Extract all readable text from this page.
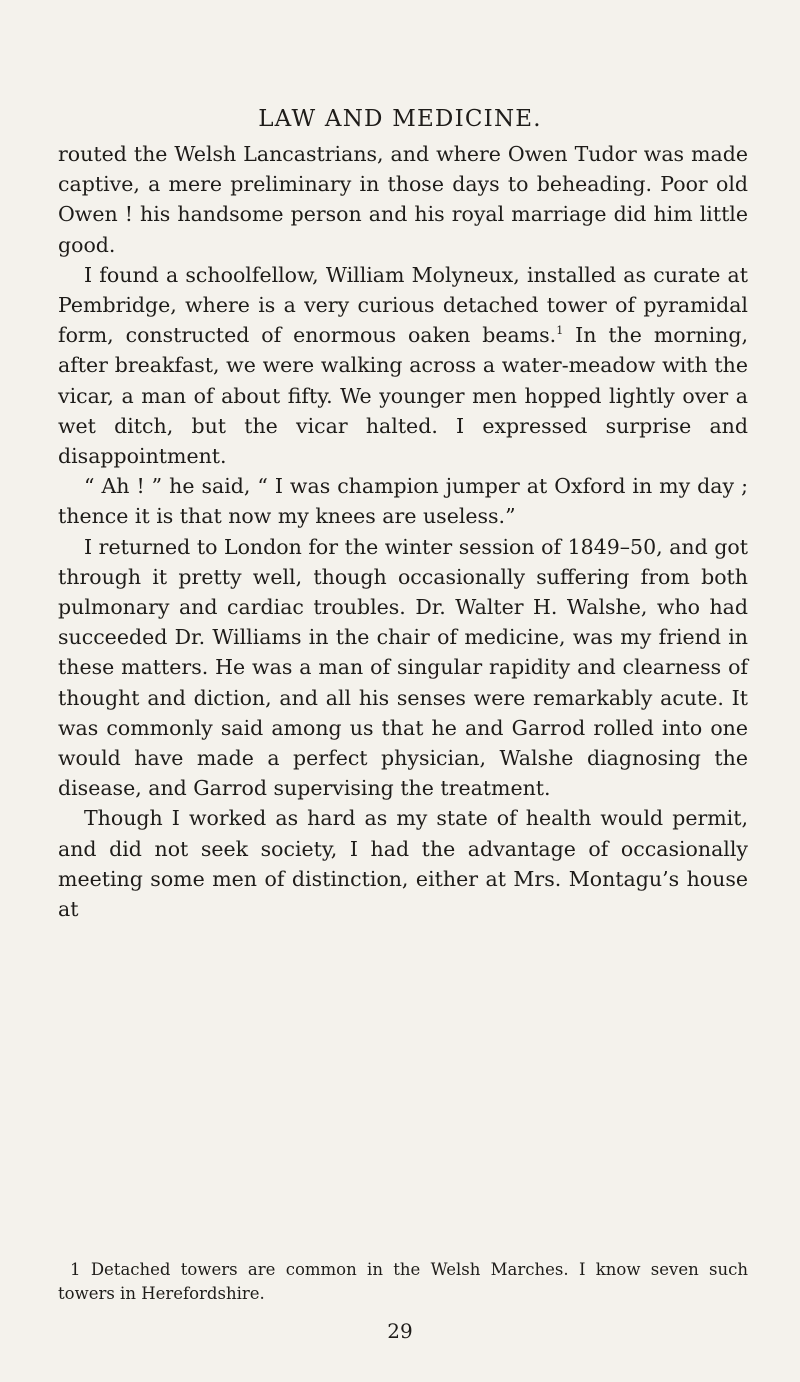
LAW AND MEDICINE.

routed the Welsh Lancastrians, and where Owen Tudor was made captive, a mere preliminary in those days to beheading. Poor old Owen ! his handsome person and his royal marriage did him little good.

I found a schoolfellow, William Molyneux, installed as curate at Pembridge, where is a very curious detached tower of pyramidal form, constructed of enormous oaken beams.$^1$ In the morning, after breakfast, we were walking across a water-meadow with the vicar, a man of about fifty. We younger men hopped lightly over a wet ditch, but the vicar halted. I expressed surprise and disappointment.

“ Ah ! ” he said, “ I was champion jumper at Oxford in my day ; thence it is that now my knees are useless.”

I returned to London for the winter session of 1849–50, and got through it pretty well, though occasionally suffering from both pulmonary and cardiac troubles. Dr. Walter H. Walshe, who had succeeded Dr. Williams in the chair of medicine, was my friend in these matters. He was a man of singular rapidity and clearness of thought and diction, and all his senses were remarkably acute. It was commonly said among us that he and Garrod rolled into one would have made a perfect physician, Walshe diagnosing the disease, and Garrod supervising the treatment.

Though I worked as hard as my state of health would permit, and did not seek society, I had the advantage of occasionally meeting some men of distinction, either at Mrs. Montagu’s house at

1 Detached towers are common in the Welsh Marches. I know seven such towers in Herefordshire.

29
